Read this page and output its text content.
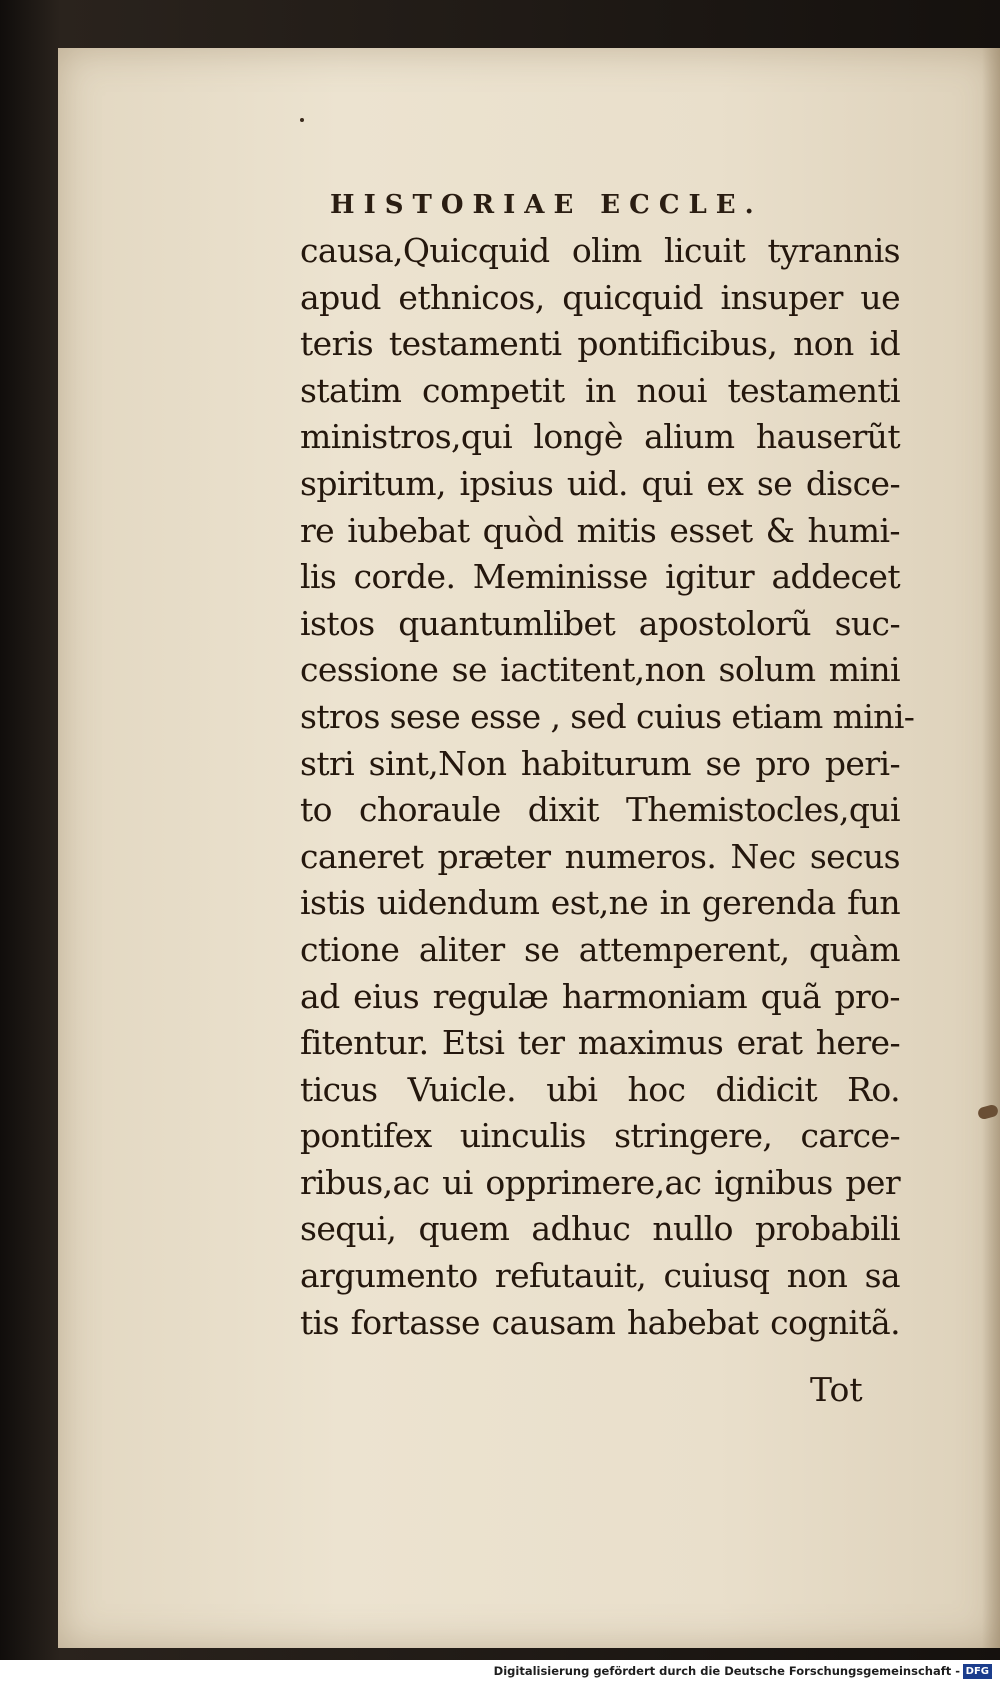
HISTORIAE ECCLE.
causa,Quicquid olim licuit tyrannis
apud ethnicos, quicquid insuper ue
teris testamenti pontificibus, non id
statim competit in noui testamenti
ministros,qui longè alium hauserũt
spiritum, ipsius uid. qui ex se disce-
re iubebat quòd mitis esset & humi-
lis corde. Meminisse igitur addecet
istos quantumlibet apostolorũ suc-
cessione se iactitent,non solum mini
stros sese esse , sed cuius etiam mini-
stri sint,Non habiturum se pro peri-
to choraule dixit Themistocles,qui
caneret præter numeros. Nec secus
istis uidendum est,ne in gerenda fun
ctione aliter se attemperent, quàm
ad eius regulæ harmoniam quã pro-
fitentur. Etsi ter maximus erat here-
ticus Vuicle. ubi hoc didicit Ro.
pontifex uinculis stringere, carce-
ribus,ac ui opprimere,ac ignibus per
sequi, quem adhuc nullo probabili
argumento refutauit, cuiusq non sa
tis fortasse causam habebat cognitã.
Tot
Digitalisierung gefördert durch die Deutsche Forschungsgemeinschaft - DFG
